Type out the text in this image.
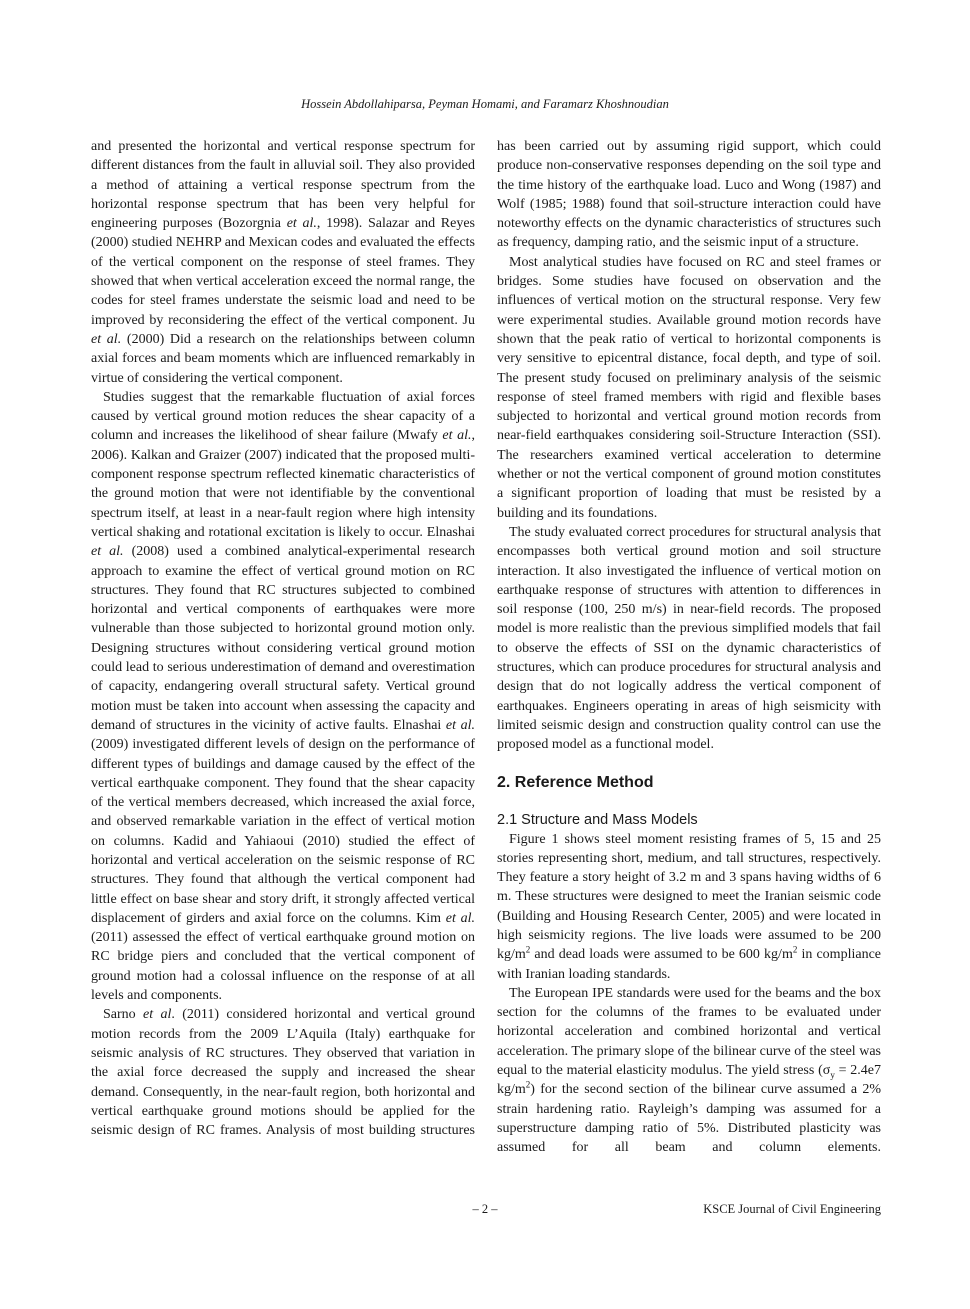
Hossein Abdollahiparsa, Peyman Homami, and Faramarz Khoshnoudian

and presented the horizontal and vertical response spectrum for different distances from the fault in alluvial soil. They also provided a method of attaining a vertical response spectrum from the horizontal response spectrum that has been very helpful for engineering purposes (Bozorgnia et al., 1998). Salazar and Reyes (2000) studied NEHRP and Mexican codes and evaluated the effects of the vertical component on the response of steel frames. They showed that when vertical acceleration exceed the normal range, the codes for steel frames understate the seismic load and need to be improved by reconsidering the effect of the vertical component. Ju et al. (2000) Did a research on the relationships between column axial forces and beam moments which are influenced remarkably in virtue of considering the vertical component.

Studies suggest that the remarkable fluctuation of axial forces caused by vertical ground motion reduces the shear capacity of a column and increases the likelihood of shear failure (Mwafy et al., 2006). Kalkan and Graizer (2007) indicated that the proposed multi-component response spectrum reflected kinematic characteristics of the ground motion that were not identifiable by the conventional spectrum itself, at least in a near-fault region where high intensity vertical shaking and rotational excitation is likely to occur. Elnashai et al. (2008) used a combined analytical-experimental research approach to examine the effect of vertical ground motion on RC structures. They found that RC structures subjected to combined horizontal and vertical components of earthquakes were more vulnerable than those subjected to horizontal ground motion only. Designing structures without considering vertical ground motion could lead to serious underestimation of demand and overestimation of capacity, endangering overall structural safety. Vertical ground motion must be taken into account when assessing the capacity and demand of structures in the vicinity of active faults. Elnashai et al. (2009) investigated different levels of design on the performance of different types of buildings and damage caused by the effect of the vertical earthquake component. They found that the shear capacity of the vertical members decreased, which increased the axial force, and observed remarkable variation in the effect of vertical motion on columns. Kadid and Yahiaoui (2010) studied the effect of horizontal and vertical acceleration on the seismic response of RC structures. They found that although the vertical component had little effect on base shear and story drift, it strongly affected vertical displacement of girders and axial force on the columns. Kim et al. (2011) assessed the effect of vertical earthquake ground motion on RC bridge piers and concluded that the vertical component of ground motion had a colossal influence on the response of at all levels and components.

Sarno et al. (2011) considered horizontal and vertical ground motion records from the 2009 L’Aquila (Italy) earthquake for seismic analysis of RC structures. They observed that variation in the axial force decreased the supply and increased the shear demand. Consequently, in the near-fault region, both horizontal and vertical earthquake ground motions should be applied for the seismic design of RC frames. Analysis of most building structures

has been carried out by assuming rigid support, which could produce non-conservative responses depending on the soil type and the time history of the earthquake load. Luco and Wong (1987) and Wolf (1985; 1988) found that soil-structure interaction could have noteworthy effects on the dynamic characteristics of structures such as frequency, damping ratio, and the seismic input of a structure.

Most analytical studies have focused on RC and steel frames or bridges. Some studies have focused on observation and the influences of vertical motion on the structural response. Very few were experimental studies. Available ground motion records have shown that the peak ratio of vertical to horizontal components is very sensitive to epicentral distance, focal depth, and type of soil. The present study focused on preliminary analysis of the seismic response of steel framed members with rigid and flexible bases subjected to horizontal and vertical ground motion records from near-field earthquakes considering soil-Structure Interaction (SSI). The researchers examined vertical acceleration to determine whether or not the vertical component of ground motion constitutes a significant proportion of loading that must be resisted by a building and its foundations.

The study evaluated correct procedures for structural analysis that encompasses both vertical ground motion and soil structure interaction. It also investigated the influence of vertical motion on earthquake response of structures with attention to differences in soil response (100, 250 m/s) in near-field records. The proposed model is more realistic than the previous simplified models that fail to observe the effects of SSI on the dynamic characteristics of structures, which can produce procedures for structural analysis and design that do not logically address the vertical component of earthquakes. Engineers operating in areas of high seismicity with limited seismic design and construction quality control can use the proposed model as a functional model.

2. Reference Method
2.1 Structure and Mass Models

Figure 1 shows steel moment resisting frames of 5, 15 and 25 stories representing short, medium, and tall structures, respectively. They feature a story height of 3.2 m and 3 spans having widths of 6 m. These structures were designed to meet the Iranian seismic code (Building and Housing Research Center, 2005) and were located in high seismicity regions. The live loads were assumed to be 200 $kg/m^2$ and dead loads were assumed to be 600 $kg/m^2$ in compliance with Iranian loading standards.

The European IPE standards were used for the beams and the box section for the columns of the frames to be evaluated under horizontal acceleration and combined horizontal and vertical acceleration. The primary slope of the bilinear curve of the steel was equal to the material elasticity modulus. The yield stress ($\sigma_y = 2.4e7$ $kg/m^2$) for the second section of the bilinear curve assumed a 2% strain hardening ratio. Rayleigh’s damping was assumed for a superstructure damping ratio of 5%. Distributed plasticity was assumed for all beam and column elements.

– 2 –	KSCE Journal of Civil Engineering
